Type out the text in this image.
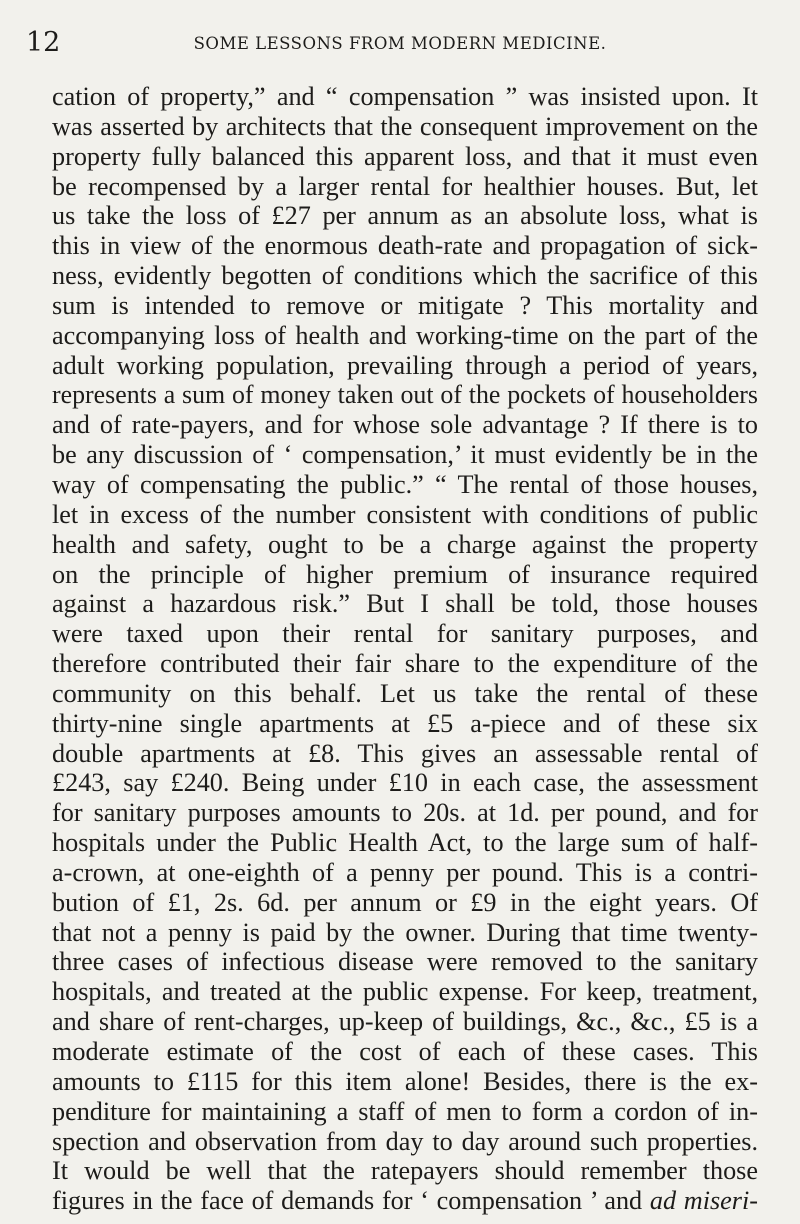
12	SOME LESSONS FROM MODERN MEDICINE.
cation of property,” and “ compensation ” was insisted upon. It
was asserted by architects that the consequent improvement on the
property fully balanced this apparent loss, and that it must even
be recompensed by a larger rental for healthier houses. But, let
us take the loss of £27 per annum as an absolute loss, what is
this in view of the enormous death-rate and propagation of sick-
ness, evidently begotten of conditions which the sacrifice of this
sum is intended to remove or mitigate ? This mortality and
accompanying loss of health and working-time on the part of the
adult working population, prevailing through a period of years,
represents a sum of money taken out of the pockets of householders
and of rate-payers, and for whose sole advantage ? If there is to
be any discussion of ‘ compensation,’ it must evidently be in the
way of compensating the public.” “ The rental of those houses,
let in excess of the number consistent with conditions of public
health and safety, ought to be a charge against the property
on the principle of higher premium of insurance required
against a hazardous risk.” But I shall be told, those houses
were taxed upon their rental for sanitary purposes, and
therefore contributed their fair share to the expenditure of the
community on this behalf. Let us take the rental of these
thirty-nine single apartments at £5 a-piece and of these six
double apartments at £8. This gives an assessable rental of
£243, say £240. Being under £10 in each case, the assessment
for sanitary purposes amounts to 20s. at 1d. per pound, and for
hospitals under the Public Health Act, to the large sum of half-
a-crown, at one-eighth of a penny per pound. This is a contri-
bution of £1, 2s. 6d. per annum or £9 in the eight years. Of
that not a penny is paid by the owner. During that time twenty-
three cases of infectious disease were removed to the sanitary
hospitals, and treated at the public expense. For keep, treatment,
and share of rent-charges, up-keep of buildings, &c., &c., £5 is a
moderate estimate of the cost of each of these cases. This
amounts to £115 for this item alone! Besides, there is the ex-
penditure for maintaining a staff of men to form a cordon of in-
spection and observation from day to day around such properties.
It would be well that the ratepayers should remember those
figures in the face of demands for ‘ compensation ’ and ad miseri-
